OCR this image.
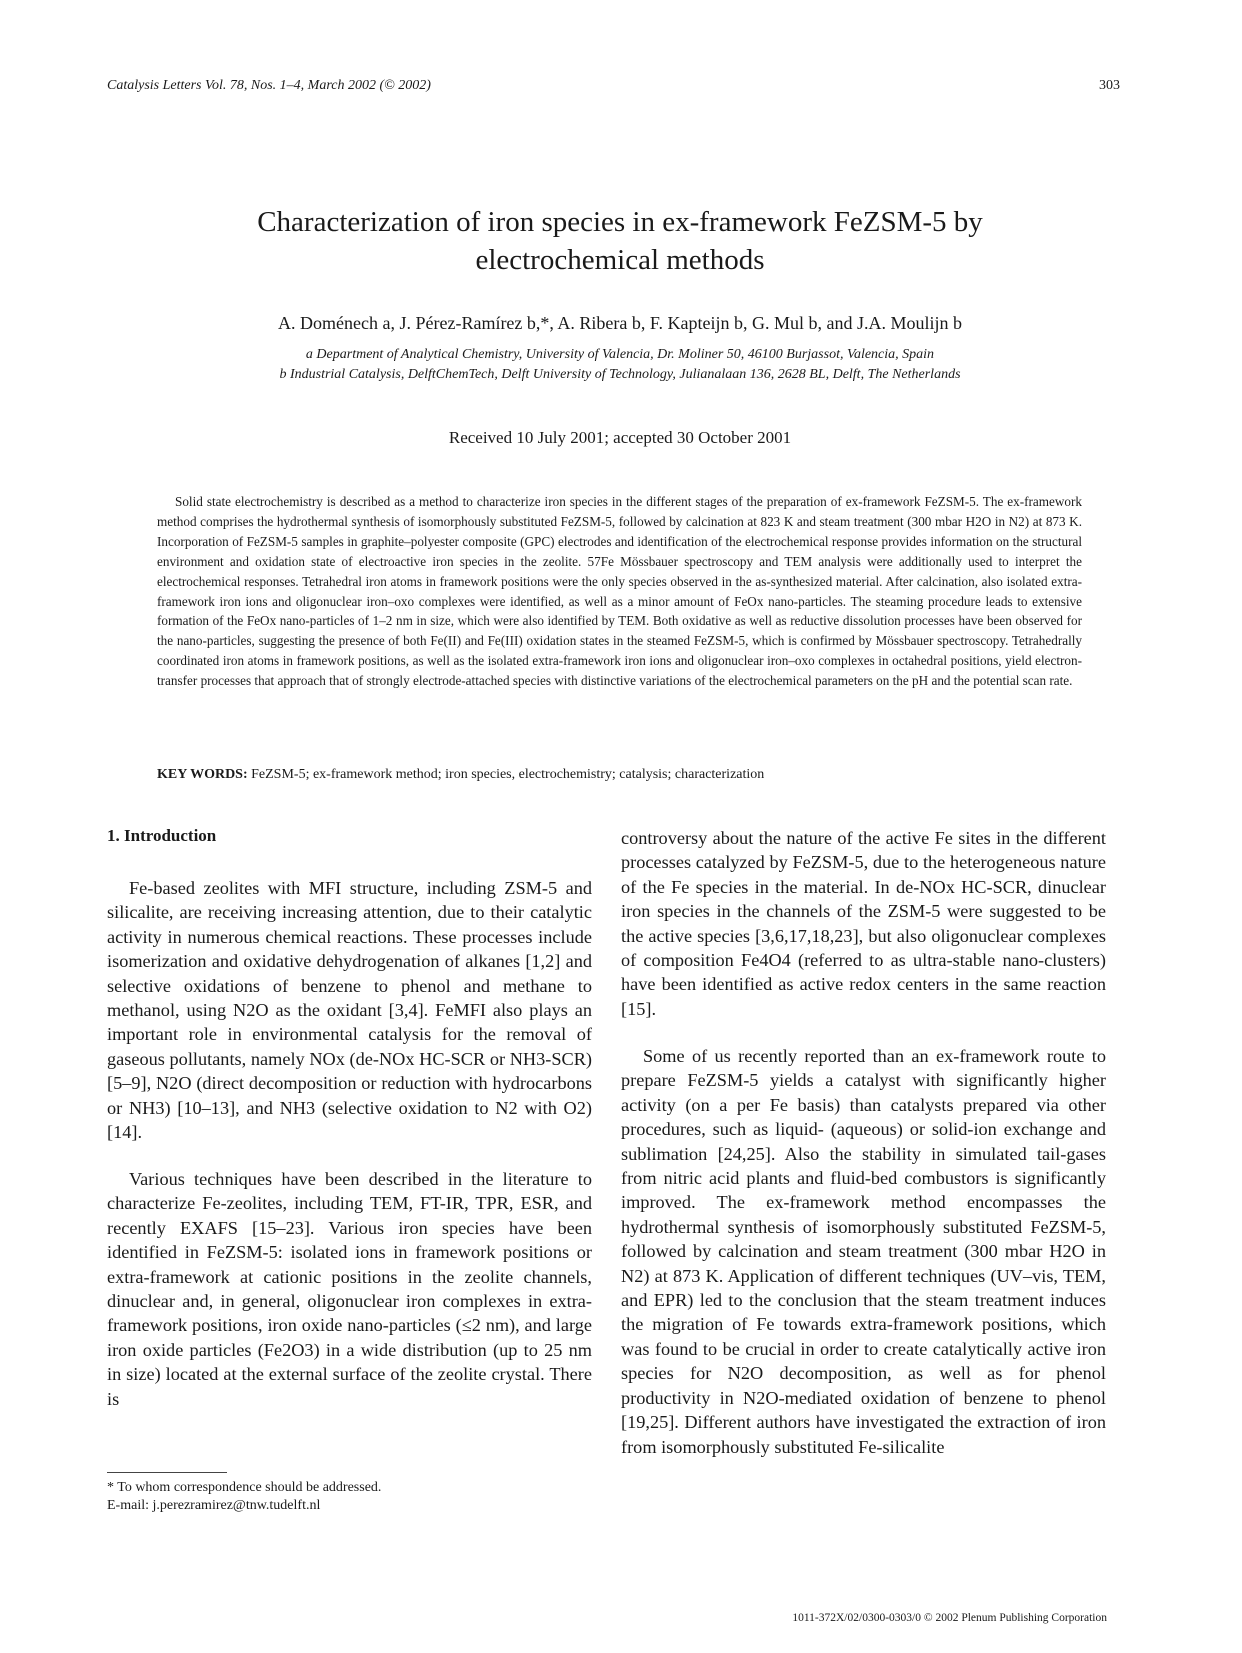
Catalysis Letters Vol. 78, Nos. 1–4, March 2002 (© 2002)	303
Characterization of iron species in ex-framework FeZSM-5 by
electrochemical methods
A. Doménech a, J. Pérez-Ramírez b,*, A. Ribera b, F. Kapteijn b, G. Mul b, and J.A. Moulijn b
a Department of Analytical Chemistry, University of Valencia, Dr. Moliner 50, 46100 Burjassot, Valencia, Spain
b Industrial Catalysis, DelftChemTech, Delft University of Technology, Julianalaan 136, 2628 BL, Delft, The Netherlands
Received 10 July 2001; accepted 30 October 2001
Solid state electrochemistry is described as a method to characterize iron species in the different stages of the preparation of ex-framework FeZSM-5. The ex-framework method comprises the hydrothermal synthesis of isomorphously substituted FeZSM-5, followed by calcination at 823 K and steam treatment (300 mbar H2O in N2) at 873 K. Incorporation of FeZSM-5 samples in graphite–polyester composite (GPC) electrodes and identification of the electrochemical response provides information on the structural environment and oxidation state of electroactive iron species in the zeolite. 57Fe Mössbauer spectroscopy and TEM analysis were additionally used to interpret the electrochemical responses. Tetrahedral iron atoms in framework positions were the only species observed in the as-synthesized material. After calcination, also isolated extra-framework iron ions and oligonuclear iron–oxo complexes were identified, as well as a minor amount of FeOx nano-particles. The steaming procedure leads to extensive formation of the FeOx nano-particles of 1–2 nm in size, which were also identified by TEM. Both oxidative as well as reductive dissolution processes have been observed for the nano-particles, suggesting the presence of both Fe(II) and Fe(III) oxidation states in the steamed FeZSM-5, which is confirmed by Mössbauer spectroscopy. Tetrahedrally coordinated iron atoms in framework positions, as well as the isolated extra-framework iron ions and oligonuclear iron–oxo complexes in octahedral positions, yield electron-transfer processes that approach that of strongly electrode-attached species with distinctive variations of the electrochemical parameters on the pH and the potential scan rate.
KEY WORDS: FeZSM-5; ex-framework method; iron species, electrochemistry; catalysis; characterization
1. Introduction
Fe-based zeolites with MFI structure, including ZSM-5 and silicalite, are receiving increasing attention, due to their catalytic activity in numerous chemical reactions. These processes include isomerization and oxidative dehydrogenation of alkanes [1,2] and selective oxidations of benzene to phenol and methane to methanol, using N2O as the oxidant [3,4]. FeMFI also plays an important role in environmental catalysis for the removal of gaseous pollutants, namely NOx (de-NOx HC-SCR or NH3-SCR) [5–9], N2O (direct decomposition or reduction with hydrocarbons or NH3) [10–13], and NH3 (selective oxidation to N2 with O2) [14].
Various techniques have been described in the literature to characterize Fe-zeolites, including TEM, FT-IR, TPR, ESR, and recently EXAFS [15–23]. Various iron species have been identified in FeZSM-5: isolated ions in framework positions or extra-framework at cationic positions in the zeolite channels, dinuclear and, in general, oligonuclear iron complexes in extra-framework positions, iron oxide nano-particles (≤2 nm), and large iron oxide particles (Fe2O3) in a wide distribution (up to 25 nm in size) located at the external surface of the zeolite crystal. There is
controversy about the nature of the active Fe sites in the different processes catalyzed by FeZSM-5, due to the heterogeneous nature of the Fe species in the material. In de-NOx HC-SCR, dinuclear iron species in the channels of the ZSM-5 were suggested to be the active species [3,6,17,18,23], but also oligonuclear complexes of composition Fe4O4 (referred to as ultra-stable nano-clusters) have been identified as active redox centers in the same reaction [15].
Some of us recently reported than an ex-framework route to prepare FeZSM-5 yields a catalyst with significantly higher activity (on a per Fe basis) than catalysts prepared via other procedures, such as liquid- (aqueous) or solid-ion exchange and sublimation [24,25]. Also the stability in simulated tail-gases from nitric acid plants and fluid-bed combustors is significantly improved. The ex-framework method encompasses the hydrothermal synthesis of isomorphously substituted FeZSM-5, followed by calcination and steam treatment (300 mbar H2O in N2) at 873 K. Application of different techniques (UV–vis, TEM, and EPR) led to the conclusion that the steam treatment induces the migration of Fe towards extra-framework positions, which was found to be crucial in order to create catalytically active iron species for N2O decomposition, as well as for phenol productivity in N2O-mediated oxidation of benzene to phenol [19,25]. Different authors have investigated the extraction of iron from isomorphously substituted Fe-silicalite
* To whom correspondence should be addressed.
E-mail: j.perezramirez@tnw.tudelft.nl
1011-372X/02/0300-0303/0 © 2002 Plenum Publishing Corporation
